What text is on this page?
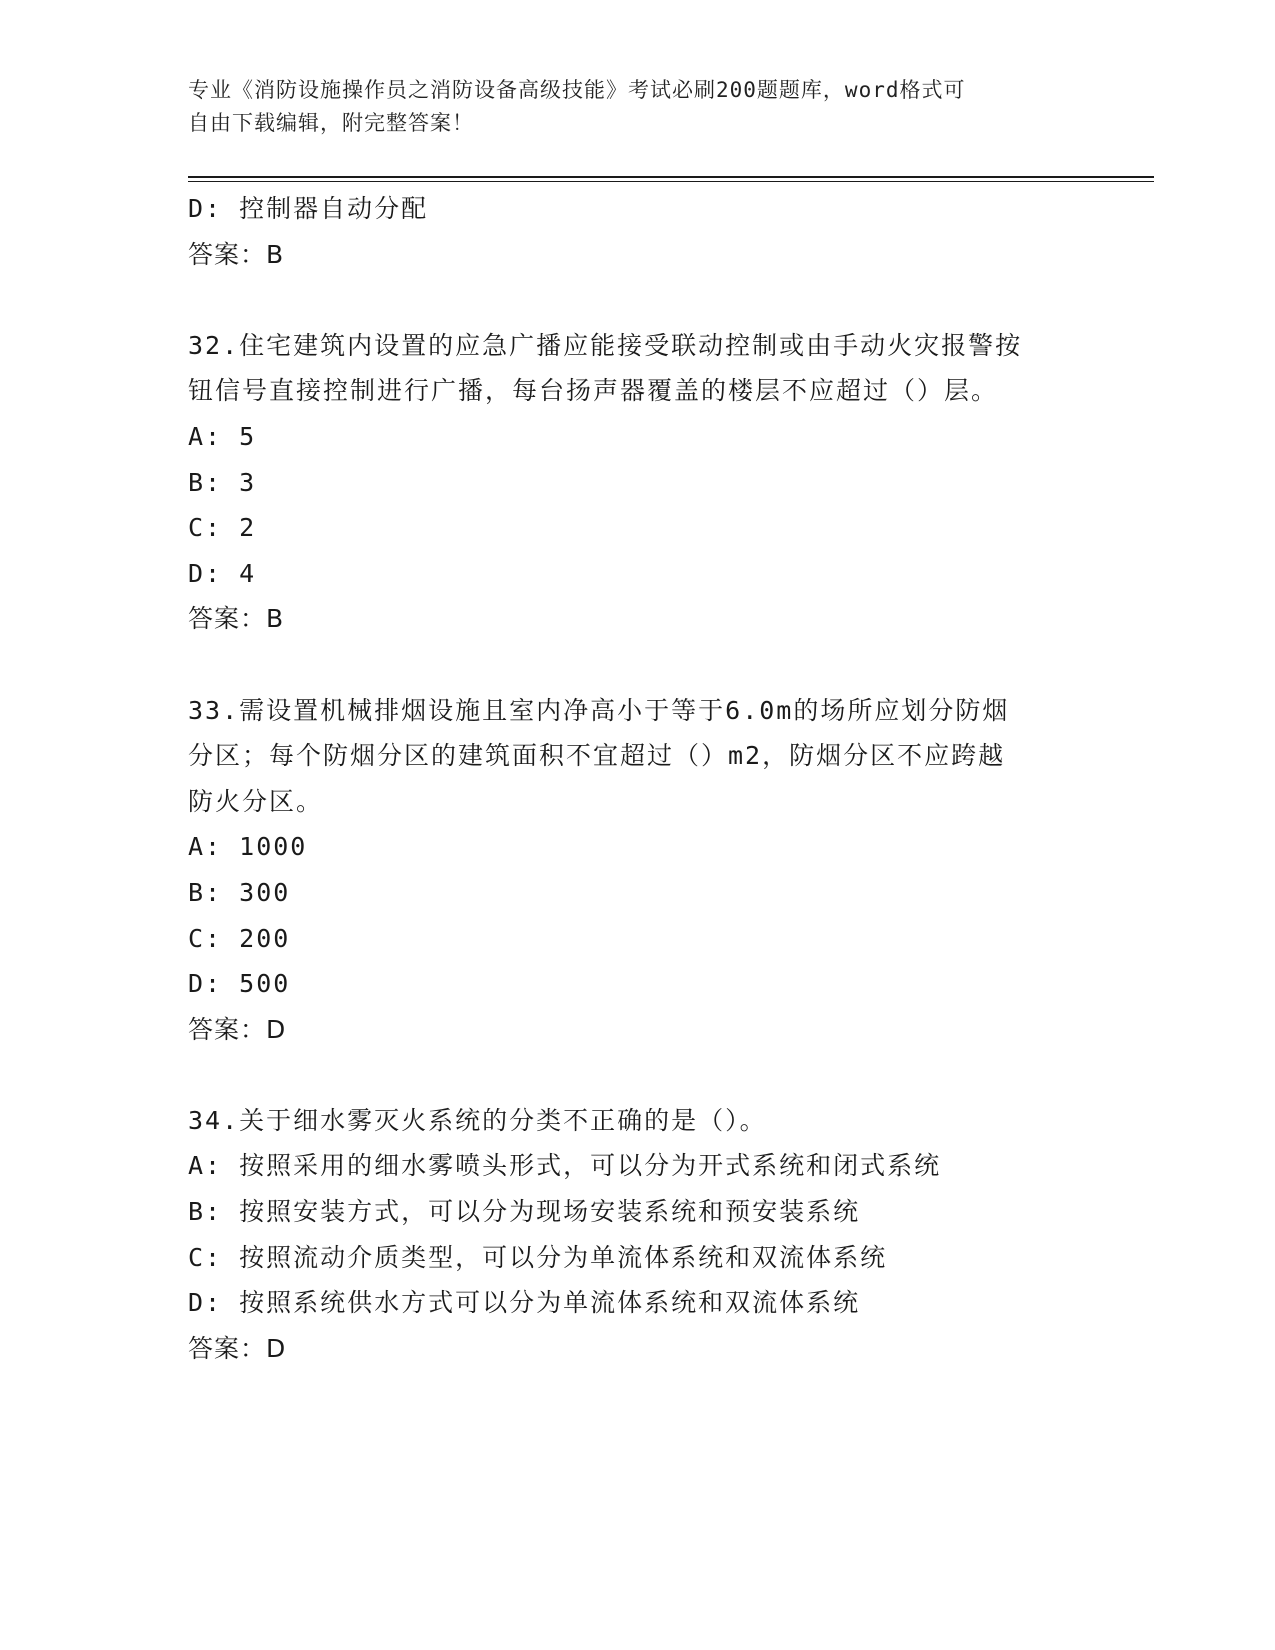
专业《消防设施操作员之消防设备高级技能》考试必刷200题题库，word格式可
自由下载编辑，附完整答案！
D: 控制器自动分配
答案：B
32.住宅建筑内设置的应急广播应能接受联动控制或由手动火灾报警按
钮信号直接控制进行广播，每台扬声器覆盖的楼层不应超过（）层。
A: 5
B: 3
C: 2
D: 4
答案：B
33.需设置机械排烟设施且室内净高小于等于6.0m的场所应划分防烟
分区；每个防烟分区的建筑面积不宜超过（）m2，防烟分区不应跨越
防火分区。
A: 1000
B: 300
C: 200
D: 500
答案：D
34.关于细水雾灭火系统的分类不正确的是（）。
A: 按照采用的细水雾喷头形式，可以分为开式系统和闭式系统
B: 按照安装方式，可以分为现场安装系统和预安装系统
C: 按照流动介质类型，可以分为单流体系统和双流体系统
D: 按照系统供水方式可以分为单流体系统和双流体系统
答案：D
